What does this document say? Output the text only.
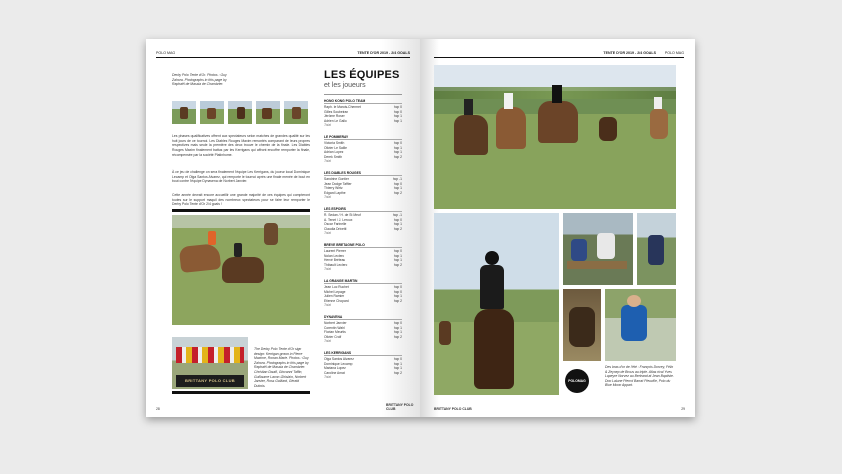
POLO MAG	TENTE D'OR 2019 - 2/4 GOALS
Derby Polo Tente d'Or. Photos : Guy Zahora. Photographs in this page by Raphaël de Massia de Chambrier.
Les phases qualificatives offrent aux spectateurs selon matches de grandes qualité sur les huit jours de ce tournoi. Les Diables Rouges Maxim remontés comparant de leurs propres respectives mais seule la première des deux trouve le chemin de la finale. Les Diables Rouges Maxim finalement battus par les Kerrigans qui affront encoffre remporter la finale, récompensée par la société Platinhome.
À ce jeu de challenge on sera finalement l'équipe Les Kerrigans, du joueur local Dominique Lecamp et Olga Santos Alvarez, qui remporte le tournoi après une finale menée de bout en bout contre l'équipe Dynavena de Norbert Janvier.
Cette année devrait encore accueillir une grande majorité de ces équipes qui compteront toutes sur le support maquil des nombreux spectateurs pour se faire leur remporter le Derby Polo Tente d'Or 2/4 goals !
BRITTANY POLO CLUB
The Derby Polo Tente d'Or sign design: Kerrigan grown in Pierre Maxime, Ronan Marie. Photos : Guy Zahora. Photographs in this page by Raphaël de Massia de Chambrier. Christian Dautil, Giovanni Taffin, Guillaume Lacon-Ghislain, Norbert Janvier, Ross Galliard, Gérald Dubois.
LES ÉQUIPES
et les joueurs
HONG KONG POLO TEAM
Raph. le Marois-Chermet	hcp 0
Gilles Soubeiran	hcp 0
Jérôme Roser	hcp 1
Adrien Le Gallo	hcp 1
Total
LE POMMERAY
Victoria Smith	hcp 0
Olivier Le Saille	hcp 1
Adrian Lopez	hcp 1
Derek Smith	hcp 2
Total
LES DIABLES ROUGES
Sandrine Gontier	hcp -1
Jean Dodge Taffier	hcp 0
Thierry Wirtz	hcp 1
Edgard Lapthe	hcp 2
Total
LES ESPOIRS
R. Sedan / H. de St Meuf	hcp -1
A. Tenet / J. Leroux	hcp 0
Oscar Farinelle	hcp 1
Claudia Drivetti	hcp 2
Total
BREVE BRETAGNE POLO
Laurent Pierrer	hcp 0
Nolan Leclerc	hcp 1
Hervé Bréteau	hcp 1
Thibault Leclerc	hcp 2
Total
LA GRANGE MARTIN
Jean Luc Ruchet	hcp 0
Michel Lepage	hcp 0
Julien Ramier	hcp 1
Etienne Chopard	hcp 2
Total
DYNAVENA
Norbert Janvier	hcp 0
Corentin Wahl	hcp 1
Florian Meurtis	hcp 1
Olivier Crolf	hcp 2
Total
LES KERRIGANS
Olga Santos Alvarez	hcp 0
Dominique Lecamp	hcp 1
Mariana Lopez	hcp 1
Caroline Amat	hcp 2
Total
28
BRITTANY POLO CLUB
TENTE D'OR 2019 - 2/4 GOALS POLO MAG
POLOMAG
Des bras d'or de l'été : François Dorvey, Félix & Zeynep de Brous au triple. Atlas rival Yves Lapeyre Norvez au Bertrand at Jean Baptiste. Doo Lalune Pierrol Barrat Pieuville, Polo du Blue Moon Appart.
BRITTANY POLO CLUB	29
